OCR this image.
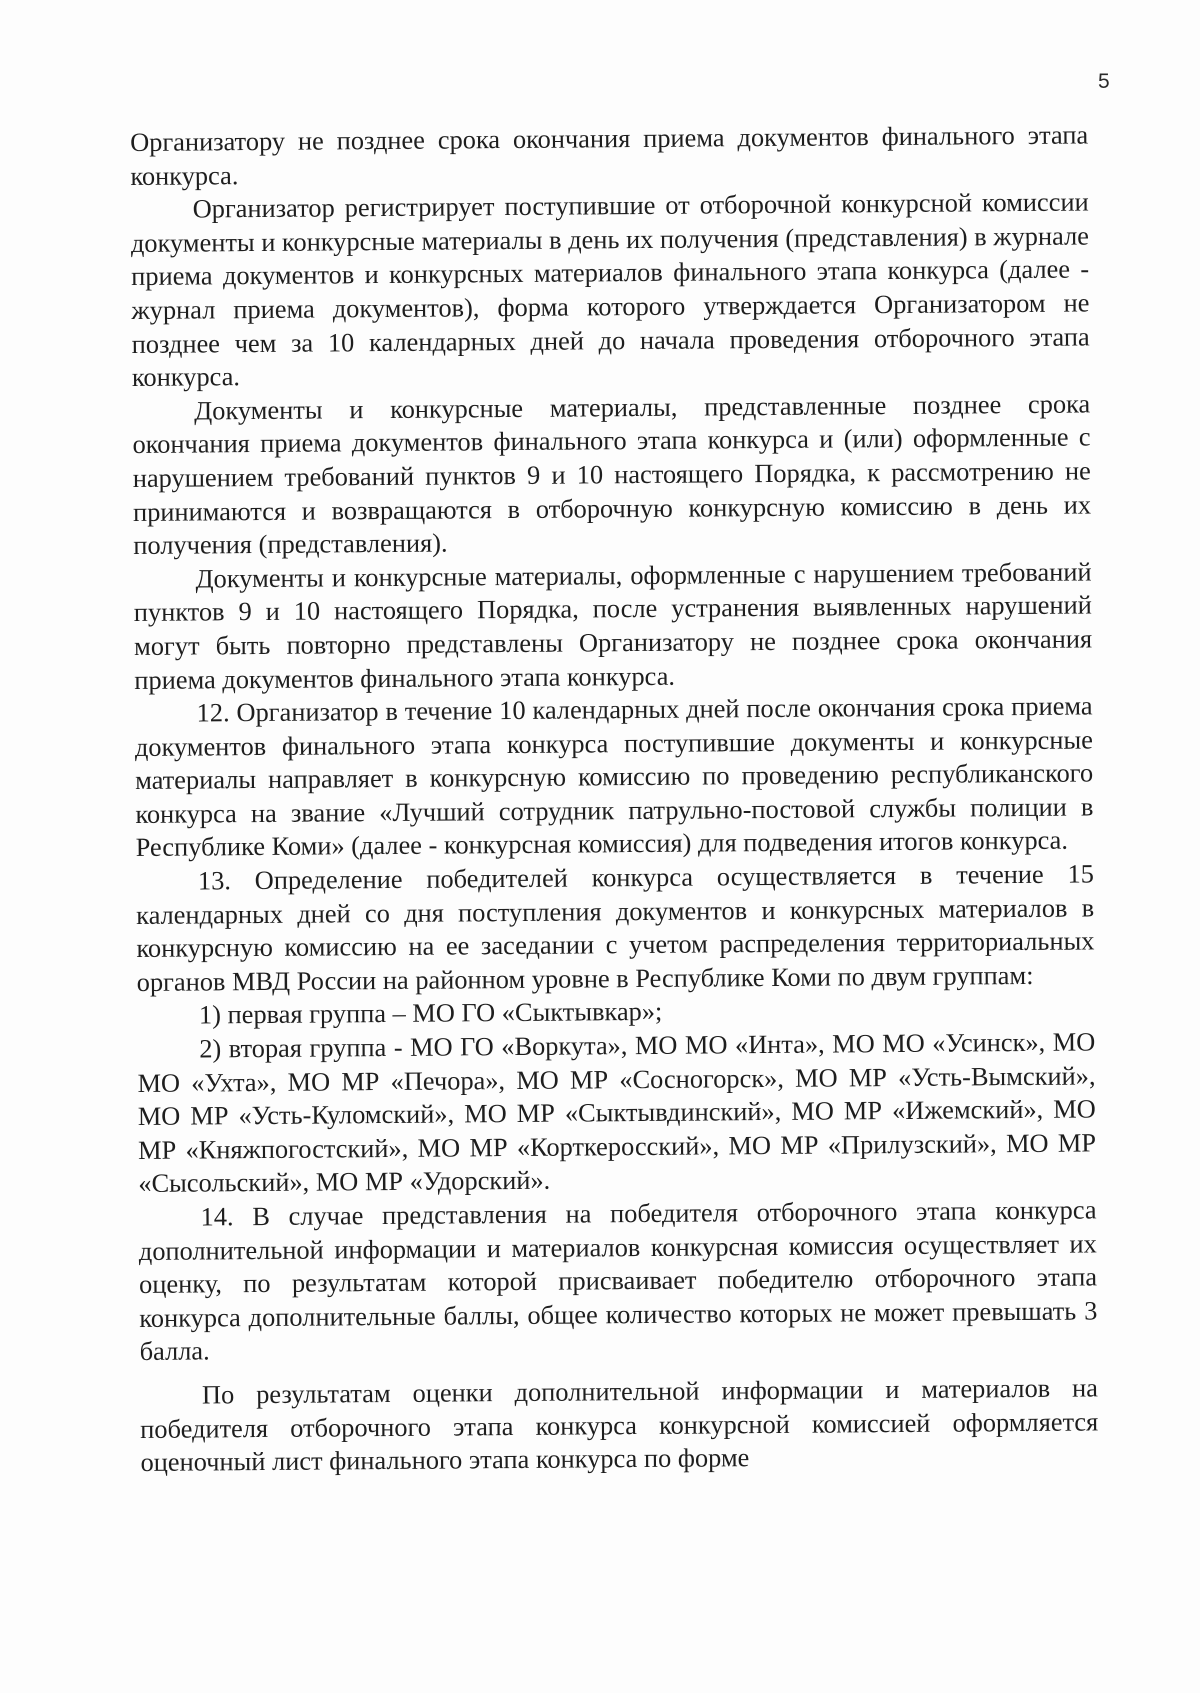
5

Организатору не позднее срока окончания приема документов финального этапа конкурса.

Организатор регистрирует поступившие от отборочной конкурсной комиссии документы и конкурсные материалы в день их получения (представления) в журнале приема документов и конкурсных материалов финального этапа конкурса (далее - журнал приема документов), форма которого утверждается Организатором не позднее чем за 10 календарных дней до начала проведения отборочного этапа конкурса.

Документы и конкурсные материалы, представленные позднее срока окончания приема документов финального этапа конкурса и (или) оформленные с нарушением требований пунктов 9 и 10 настоящего Порядка, к рассмотрению не принимаются и возвращаются в отборочную конкурсную комиссию в день их получения (представления).

Документы и конкурсные материалы, оформленные с нарушением требований пунктов 9 и 10 настоящего Порядка, после устранения выявленных нарушений могут быть повторно представлены Организатору не позднее срока окончания приема документов финального этапа конкурса.

12. Организатор в течение 10 календарных дней после окончания срока приема документов финального этапа конкурса поступившие документы и конкурсные материалы направляет в конкурсную комиссию по проведению республиканского конкурса на звание «Лучший сотрудник патрульно-постовой службы полиции в Республике Коми» (далее - конкурсная комиссия) для подведения итогов конкурса.

13. Определение победителей конкурса осуществляется в течение 15 календарных дней со дня поступления документов и конкурсных материалов в конкурсную комиссию на ее заседании с учетом распределения территориальных органов МВД России на районном уровне в Республике Коми по двум группам:

1) первая группа – МО ГО «Сыктывкар»;

2) вторая группа - МО ГО «Воркута», МО МО «Инта», МО МО «Усинск», МО МО «Ухта», МО МР «Печора», МО МР «Сосногорск», МО МР «Усть-Вымский», МО МР «Усть-Куломский», МО МР «Сыктывдинский», МО МР «Ижемский», МО МР «Княжпогостский», МО МР «Корткеросский», МО МР «Прилузский», МО МР «Сысольский», МО МР «Удорский».

14. В случае представления на победителя отборочного этапа конкурса дополнительной информации и материалов конкурсная комиссия осуществляет их оценку, по результатам которой присваивает победителю отборочного этапа конкурса дополнительные баллы, общее количество которых не может превышать 3 балла.

По результатам оценки дополнительной информации и материалов на победителя отборочного этапа конкурса конкурсной комиссией оформляется оценочный лист финального этапа конкурса по форме
